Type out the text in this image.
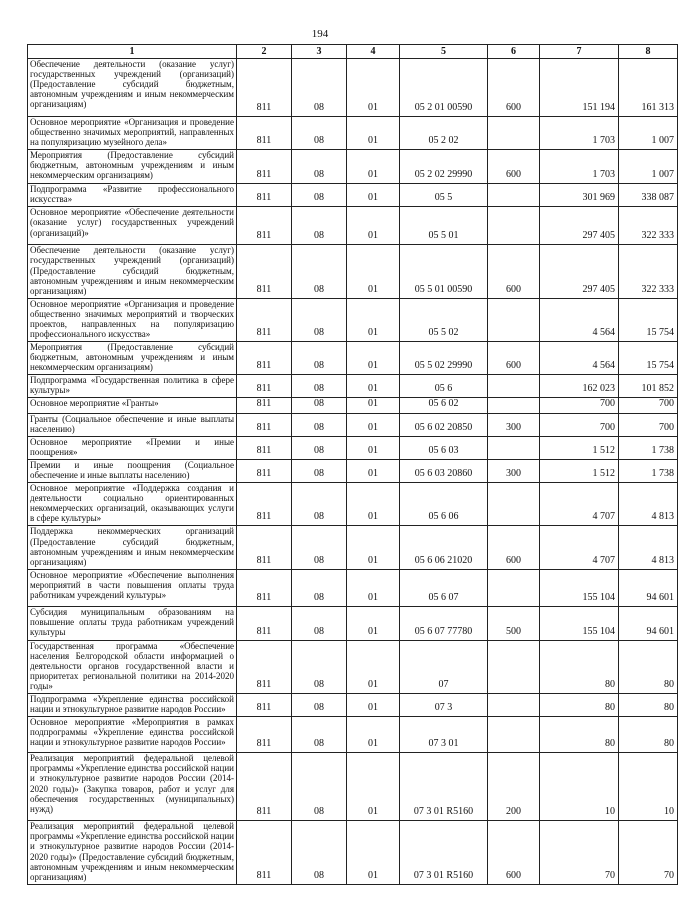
194
1	2	3	4	5	6	7	8
Обеспечение деятельности (оказание услуг) государственных учреждений (организаций) (Предоставление субсидий бюджетным, автономным учреждениям и иным некоммерческим организациям)	811	08	01	05 2 01 00590	600	151 194	161 313
Основное мероприятие «Организация и проведение общественно значимых мероприятий, направленных на популяризацию музейного дела»	811	08	01	05 2 02		1 703	1 007
Мероприятия (Предоставление субсидий бюджетным, автономным учреждениям и иным некоммерческим организациям)	811	08	01	05 2 02 29990	600	1 703	1 007
Подпрограмма «Развитие профессионального искусства»	811	08	01	05 5		301 969	338 087
Основное мероприятие «Обеспечение деятельности (оказание услуг) государственных учреждений (организаций)»	811	08	01	05 5 01		297 405	322 333
Обеспечение деятельности (оказание услуг) государственных учреждений (организаций) (Предоставление субсидий бюджетным, автономным учреждениям и иным некоммерческим организациям)	811	08	01	05 5 01 00590	600	297 405	322 333
Основное мероприятие «Организация и проведение общественно значимых мероприятий и творческих проектов, направленных на популяризацию профессионального искусства»	811	08	01	05 5 02		4 564	15 754
Мероприятия (Предоставление субсидий бюджетным, автономным учреждениям и иным некоммерческим организациям)	811	08	01	05 5 02 29990	600	4 564	15 754
Подпрограмма «Государственная политика в сфере культуры»	811	08	01	05 6		162 023	101 852
Основное мероприятие «Гранты»	811	08	01	05 6 02		700	700
Гранты (Социальное обеспечение и иные выплаты населению)	811	08	01	05 6 02 20850	300	700	700
Основное мероприятие «Премии и иные поощрения»	811	08	01	05 6 03		1 512	1 738
Премии и иные поощрения (Социальное обеспечение и иные выплаты населению)	811	08	01	05 6 03 20860	300	1 512	1 738
Основное мероприятие «Поддержка создания и деятельности социально ориентированных некоммерческих организаций, оказывающих услуги в сфере культуры»	811	08	01	05 6 06		4 707	4 813
Поддержка некоммерческих организаций (Предоставление субсидий бюджетным, автономным учреждениям и иным некоммерческим организациям)	811	08	01	05 6 06 21020	600	4 707	4 813
Основное мероприятие «Обеспечение выполнения мероприятий в части повышения оплаты труда работникам учреждений культуры»	811	08	01	05 6 07		155 104	94 601
Субсидия муниципальным образованиям на повышение оплаты труда работникам учреждений культуры	811	08	01	05 6 07 77780	500	155 104	94 601
Государственная программа «Обеспечение населения Белгородской области информацией о деятельности органов государственной власти и приоритетах региональной политики на 2014-2020 годы»	811	08	01	07		80	80
Подпрограмма «Укрепление единства российской нации и этнокультурное развитие народов России»	811	08	01	07 3		80	80
Основное мероприятие «Мероприятия в рамках подпрограммы «Укрепление единства российской нации и этнокультурное развитие народов России»	811	08	01	07 3 01		80	80
Реализация мероприятий федеральной целевой программы «Укрепление единства российской нации и этнокультурное развитие народов России (2014-2020 годы)» (Закупка товаров, работ и услуг для обеспечения государственных (муниципальных) нужд)	811	08	01	07 3 01 R5160	200	10	10
Реализация мероприятий федеральной целевой программы «Укрепление единства российской нации и этнокультурное развитие народов России (2014-2020 годы)» (Предоставление субсидий бюджетным, автономным учреждениям и иным некоммерческим организациям)	811	08	01	07 3 01 R5160	600	70	70
